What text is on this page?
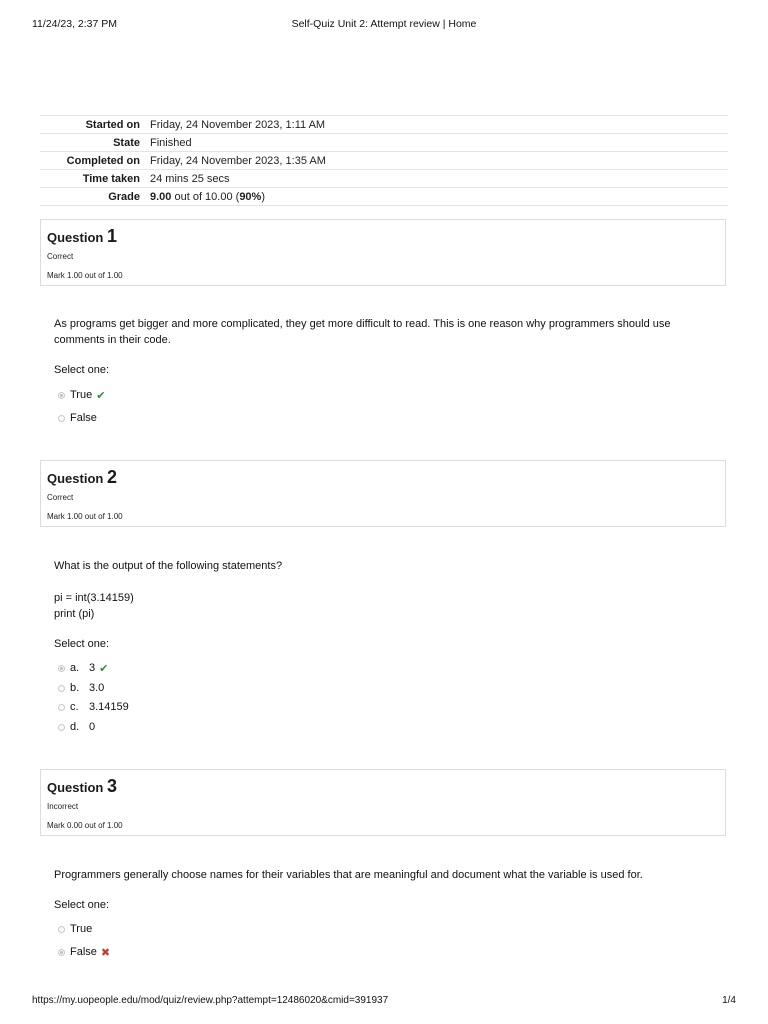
11/24/23, 2:37 PM	Self-Quiz Unit 2: Attempt review | Home
Started on	Friday, 24 November 2023, 1:11 AM
State	Finished
Completed on	Friday, 24 November 2023, 1:35 AM
Time taken	24 mins 25 secs
Grade	9.00 out of 10.00 (90%)
Question 1
Correct
Mark 1.00 out of 1.00
As programs get bigger and more complicated, they get more difficult to read. This is one reason why programmers should use comments in their code.
Select one:
True ✔
False
Question 2
Correct
Mark 1.00 out of 1.00
What is the output of the following statements?
pi = int(3.14159)
print (pi)
Select one:
a. 3 ✔
b. 3.0
c. 3.14159
d. 0
Question 3
Incorrect
Mark 0.00 out of 1.00
Programmers generally choose names for their variables that are meaningful and document what the variable is used for.
Select one:
True
False ✖
https://my.uopeople.edu/mod/quiz/review.php?attempt=12486020&cmid=391937	1/4
